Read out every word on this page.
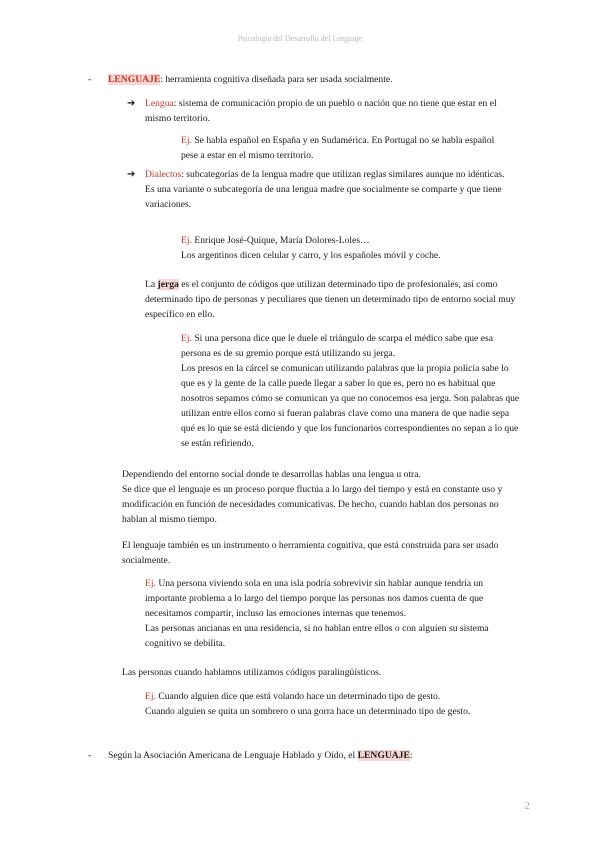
Psicología del Desarrollo del Lenguaje
- LENGUAJE: herramienta cognitiva diseñada para ser usada socialmente.
➔ Lengua: sistema de comunicación propio de un pueblo o nación que no tiene que estar en el mismo territorio.
Ej. Se habla español en España y en Sudamérica. En Portugal no se habla español pese a estar en el mismo territorio.
➔ Dialectos: subcategorías de la lengua madre que utilizan reglas similares aunque no idénticas.
Es una variante o subcategoría de una lengua madre que socialmente se comparte y que tiene variaciones.
Ej. Enrique José-Quique, María Dolores-Loles…
Los argentinos dicen celular y carro, y los españoles móvil y coche.
La jerga es el conjunto de códigos que utilizan determinado tipo de profesionales, así como determinado tipo de personas y peculiares que tienen un determinado tipo de entorno social muy específico en ello.
Ej. Si una persona dice que le duele el triángulo de scarpa el médico sabe que esa persona es de su gremio porque está utilizando su jerga.
Los presos en la cárcel se comunican utilizando palabras que la propia policía sabe lo que es y la gente de la calle puede llegar a saber lo que es, pero no es habitual que nosotros sepamos cómo se comunican ya que no conocemos esa jerga. Son palabras que utilizan entre ellos como si fueran palabras clave como una manera de que nadie sepa qué es lo que se está diciendo y que los funcionarios correspondientes no sepan a lo que se están refiriendo.
Dependiendo del entorno social donde te desarrollas hablas una lengua u otra.
Se dice que el lenguaje es un proceso porque fluctúa a lo largo del tiempo y está en constante uso y modificación en función de necesidades comunicativas. De hecho, cuando hablan dos personas no hablan al mismo tiempo.
El lenguaje también es un instrumento o herramienta cognitiva, que está construida para ser usado socialmente.
Ej. Una persona viviendo sola en una isla podría sobrevivir sin hablar aunque tendría un importante problema a lo largo del tiempo porque las personas nos damos cuenta de que necesitamos compartir, incluso las emociones internas que tenemos.
Las personas ancianas en una residencia, si no hablan entre ellos o con alguien su sistema cognitivo se debilita.
Las personas cuando hablamos utilizamos códigos paralingüísticos.
Ej. Cuando alguien dice que está volando hace un determinado tipo de gesto.
Cuando alguien se quita un sombrero o una gorra hace un determinado tipo de gesto.
- Según la Asociación Americana de Lenguaje Hablado y Oído, el LENGUAJE:
2
